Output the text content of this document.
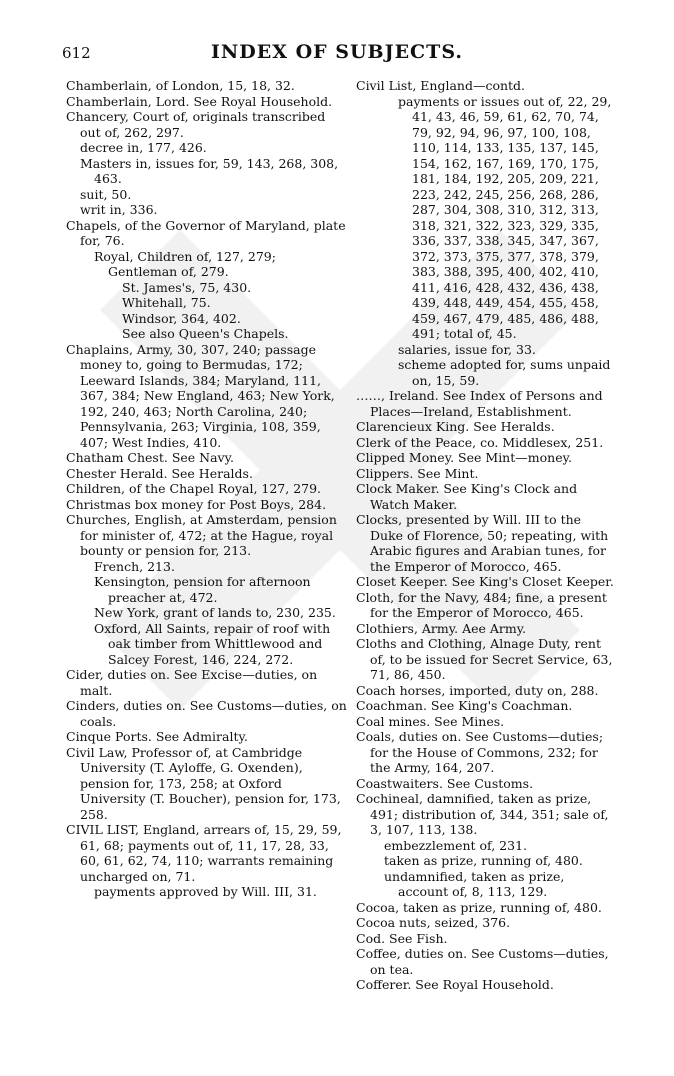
612	INDEX OF SUBJECTS.

Chamberlain, of London, 15, 18, 32.

Chamberlain, Lord. See Royal Household.

Chancery, Court of, originals transcribed out of, 262, 297.

decree in, 177, 426.

Masters in, issues for, 59, 143, 268, 308, 463.

suit, 50.

writ in, 336.

Chapels, of the Governor of Maryland, plate for, 76.

Royal, Children of, 127, 279;

Gentleman of, 279.

St. James's, 75, 430.

Whitehall, 75.

Windsor, 364, 402.

See also Queen's Chapels.

Chaplains, Army, 30, 307, 240; passage money to, going to Bermudas, 172; Leeward Islands, 384; Maryland, 111, 367, 384; New England, 463; New York, 192, 240, 463; North Carolina, 240; Pennsylvania, 263; Virginia, 108, 359, 407; West Indies, 410.

Chatham Chest. See Navy.

Chester Herald. See Heralds.

Children, of the Chapel Royal, 127, 279.

Christmas box money for Post Boys, 284.

Churches, English, at Amsterdam, pension for minister of, 472; at the Hague, royal bounty or pension for, 213.

French, 213.

Kensington, pension for afternoon preacher at, 472.

New York, grant of lands to, 230, 235.

Oxford, All Saints, repair of roof with oak timber from Whittlewood and Salcey Forest, 146, 224, 272.

Cider, duties on. See Excise—duties, on malt.

Cinders, duties on. See Customs—duties, on coals.

Cinque Ports. See Admiralty.

Civil Law, Professor of, at Cambridge University (T. Ayloffe, G. Oxenden), pension for, 173, 258; at Oxford University (T. Boucher), pension for, 173, 258.

CIVIL LIST, England, arrears of, 15, 29, 59, 61, 68; payments out of, 11, 17, 28, 33, 60, 61, 62, 74, 110; warrants remaining uncharged on, 71.

payments approved by Will. III, 31.

Civil List, England—contd.

payments or issues out of, 22, 29, 41, 43, 46, 59, 61, 62, 70, 74, 79, 92, 94, 96, 97, 100, 108, 110, 114, 133, 135, 137, 145, 154, 162, 167, 169, 170, 175, 181, 184, 192, 205, 209, 221, 223, 242, 245, 256, 268, 286, 287, 304, 308, 310, 312, 313, 318, 321, 322, 323, 329, 335, 336, 337, 338, 345, 347, 367, 372, 373, 375, 377, 378, 379, 383, 388, 395, 400, 402, 410, 411, 416, 428, 432, 436, 438, 439, 448, 449, 454, 455, 458, 459, 467, 479, 485, 486, 488, 491; total of, 45.

salaries, issue for, 33.

scheme adopted for, sums unpaid on, 15, 59.

……, Ireland. See Index of Persons and Places—Ireland, Establishment.

Clarencieux King. See Heralds.

Clerk of the Peace, co. Middlesex, 251.

Clipped Money. See Mint—money.

Clippers. See Mint.

Clock Maker. See King's Clock and Watch Maker.

Clocks, presented by Will. III to the Duke of Florence, 50; repeating, with Arabic figures and Arabian tunes, for the Emperor of Morocco, 465.

Closet Keeper. See King's Closet Keeper.

Cloth, for the Navy, 484; fine, a present for the Emperor of Morocco, 465.

Clothiers, Army. Aee Army.

Cloths and Clothing, Alnage Duty, rent of, to be issued for Secret Service, 63, 71, 86, 450.

Coach horses, imported, duty on, 288.

Coachman. See King's Coachman.

Coal mines. See Mines.

Coals, duties on. See Customs—duties; for the House of Commons, 232; for the Army, 164, 207.

Coastwaiters. See Customs.

Cochineal, damnified, taken as prize, 491; distribution of, 344, 351; sale of, 3, 107, 113, 138.

embezzlement of, 231.

taken as prize, running of, 480.

undamnified, taken as prize, account of, 8, 113, 129.

Cocoa, taken as prize, running of, 480.

Cocoa nuts, seized, 376.

Cod. See Fish.

Coffee, duties on. See Customs—duties, on tea.

Cofferer. See Royal Household.
